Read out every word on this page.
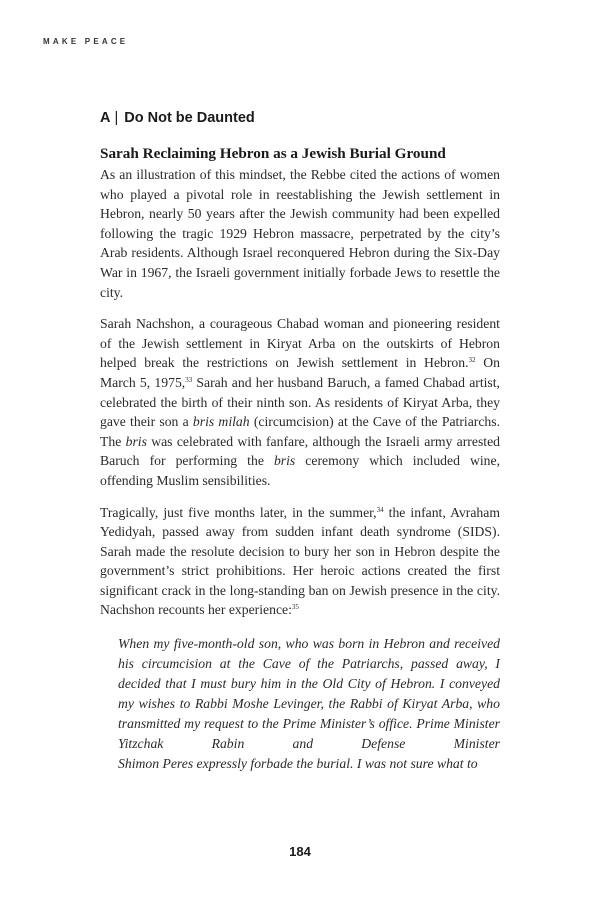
MAKE PEACE
A | Do Not be Daunted
Sarah Reclaiming Hebron as a Jewish Burial Ground

As an illustration of this mindset, the Rebbe cited the actions of women who played a pivotal role in reestablishing the Jewish settlement in Hebron, nearly 50 years after the Jewish community had been expelled following the tragic 1929 Hebron massacre, perpetrated by the city’s Arab residents. Although Israel reconquered Hebron during the Six-Day War in 1967, the Israeli government initially forbade Jews to resettle the city.

Sarah Nachshon, a courageous Chabad woman and pioneering resident of the Jewish settlement in Kiryat Arba on the outskirts of Hebron helped break the restrictions on Jewish settlement in Hebron.$^{32}$ On March 5, 1975,33 Sarah and her husband Baruch, a famed Chabad artist, celebrated the birth of their ninth son. As residents of Kiryat Arba, they gave their son a bris milah (circumcision) at the Cave of the Patriarchs. The bris was celebrated with fanfare, although the Israeli army arrested Baruch for performing the bris ceremony which included wine, offending Muslim sensibilities.

Tragically, just five months later, in the summer,$^{34}$ the infant, Avraham Yedidyah, passed away from sudden infant death syndrome (SIDS). Sarah made the resolute decision to bury her son in Hebron despite the government’s strict prohibitions. Her heroic actions created the first significant crack in the long-standing ban on Jewish presence in the city. Nachshon recounts her experience:$^{35}$

When my five-month-old son, who was born in Hebron and received his circumcision at the Cave of the Patriarchs, passed away, I decided that I must bury him in the Old City of Hebron. I conveyed my wishes to Rabbi Moshe Levinger, the Rabbi of Kiryat Arba, who transmitted my request to the Prime Minister’s office. Prime Minister Yitzchak Rabin and Defense Minister Shimon Peres expressly forbade the burial. I was not sure what to
184
